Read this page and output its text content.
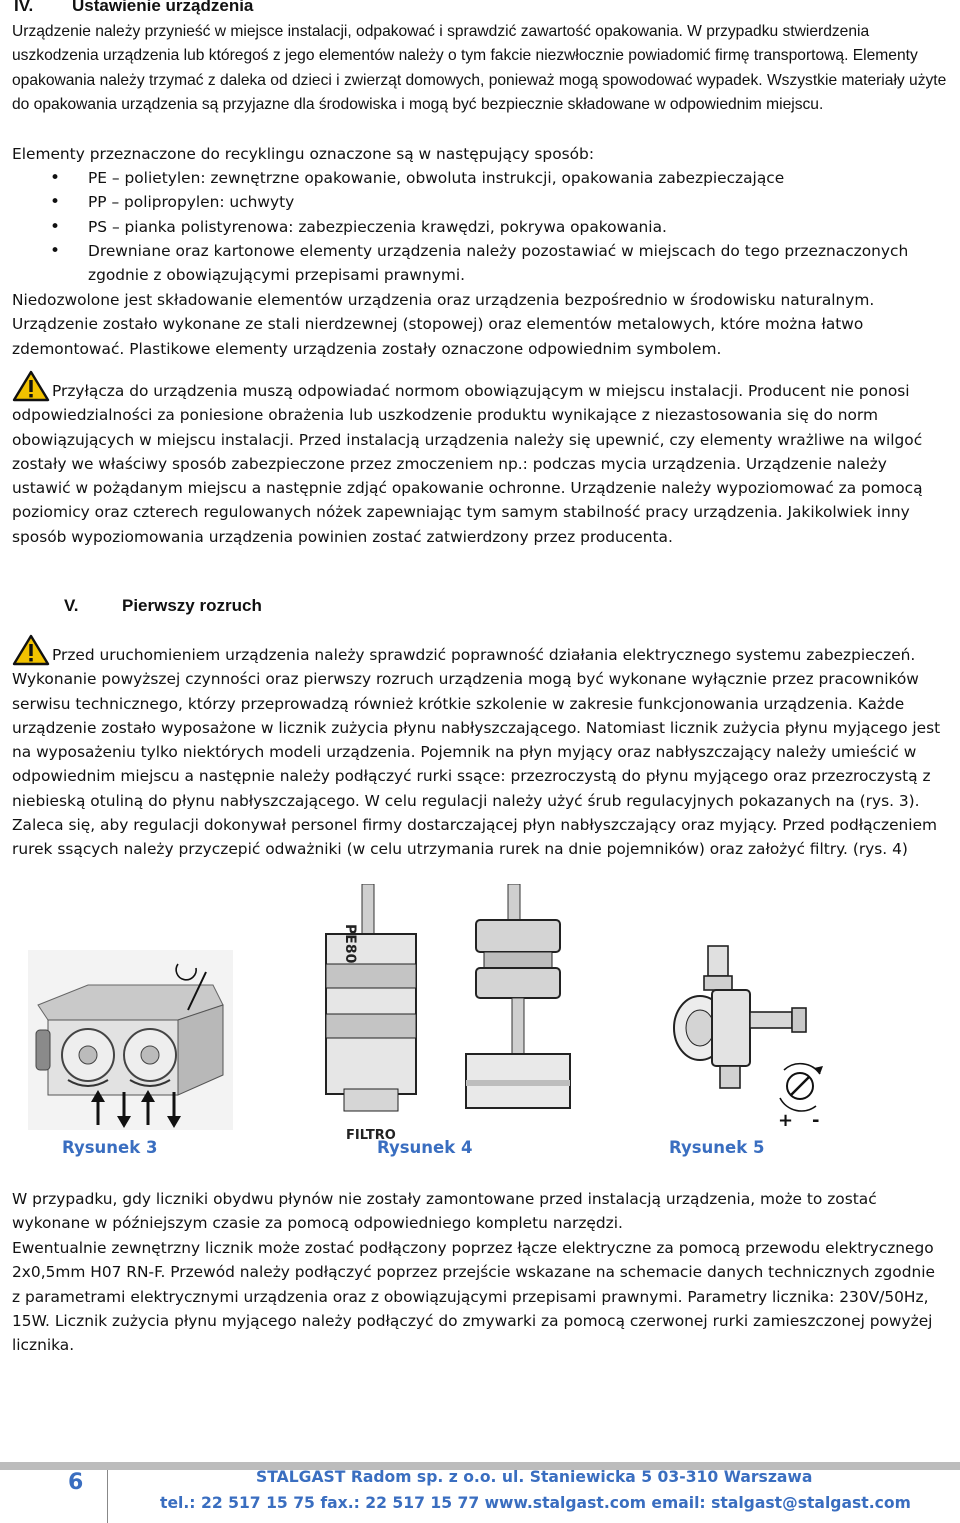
IV. Ustawienie urządzenia

Urządzenie należy przynieść w miejsce instalacji, odpakować i sprawdzić zawartość opakowania. W przypadku stwierdzenia uszkodzenia urządzenia lub któregoś z jego elementów należy o tym fakcie niezwłocznie powiadomić firmę transportową. Elementy opakowania należy trzymać z daleka od dzieci i zwierząt domowych, ponieważ mogą spowodować wypadek. Wszystkie materiały użyte do opakowania urządzenia są przyjazne dla środowiska i mogą być bezpiecznie składowane w odpowiednim miejscu.

Elementy przeznaczone do recyklingu oznaczone są w następujący sposób:

• PE – polietylen: zewnętrzne opakowanie, obwoluta instrukcji, opakowania zabezpieczające
• PP – polipropylen: uchwyty
• PS – pianka polistyrenowa: zabezpieczenia krawędzi, pokrywa opakowania.
• Drewniane oraz kartonowe elementy urządzenia należy pozostawiać w miejscach do tego przeznaczonych zgodnie z obowiązującymi przepisami prawnymi.

Niedozwolone jest składowanie elementów urządzenia oraz urządzenia bezpośrednio w środowisku naturalnym. Urządzenie zostało wykonane ze stali nierdzewnej (stopowej) oraz elementów metalowych, które można łatwo zdemontować. Plastikowe elementy urządzenia zostały oznaczone odpowiednim symbolem.

Przyłącza do urządzenia muszą odpowiadać normom obowiązującym w miejscu instalacji. Producent nie ponosi odpowiedzialności za poniesione obrażenia lub uszkodzenie produktu wynikające z niezastosowania się do norm obowiązujących w miejscu instalacji. Przed instalacją urządzenia należy się upewnić, czy elementy wrażliwe na wilgoć zostały we właściwy sposób zabezpieczone przez zmoczeniem np.: podczas mycia urządzenia. Urządzenie należy ustawić w pożądanym miejscu a następnie zdjąć opakowanie ochronne. Urządzenie należy wypoziomować za pomocą poziomicy oraz czterech regulowanych nóżek zapewniając tym samym stabilność pracy urządzenia. Jakikolwiek inny sposób wypoziomowania urządzenia powinien zostać zatwierdzony przez producenta.

V.	Pierwszy rozruch

Przed uruchomieniem urządzenia należy sprawdzić poprawność działania elektrycznego systemu zabezpieczeń. Wykonanie powyższej czynności oraz pierwszy rozruch urządzenia mogą być wykonane wyłącznie przez pracowników serwisu technicznego, którzy przeprowadzą również krótkie szkolenie w zakresie funkcjonowania urządzenia. Każde urządzenie zostało wyposażone w licznik zużycia płynu nabłyszczającego. Natomiast licznik zużycia płynu myjącego jest na wyposażeniu tylko niektórych modeli urządzenia. Pojemnik na płyn myjący oraz nabłyszczający należy umieścić w odpowiednim miejscu a następnie należy podłączyć rurki ssące: przezroczystą do płynu myjącego oraz przezroczystą z niebieską otuliną do płynu nabłyszczającego. W celu regulacji należy użyć śrub regulacyjnych pokazanych na (rys. 3). Zaleca się, aby regulacji dokonywał personel firmy dostarczającej płyn nabłyszczający oraz myjący. Przed podłączeniem rurek ssących należy przyczepić odważniki (w celu utrzymania rurek na dnie pojemników) oraz założyć filtry. (rys. 4)

PE80
FILTRO
+ -
Rysunek 3	Rysunek 4	Rysunek 5

W przypadku, gdy liczniki obydwu płynów nie zostały zamontowane przed instalacją urządzenia, może to zostać wykonane w późniejszym czasie za pomocą odpowiedniego kompletu narzędzi.

Ewentualnie zewnętrzny licznik może zostać podłączony poprzez łącze elektryczne za pomocą przewodu elektrycznego 2x0,5mm H07 RN-F. Przewód należy podłączyć poprzez przejście wskazane na schemacie danych technicznych zgodnie z parametrami elektrycznymi urządzenia oraz z obowiązującymi przepisami prawnymi. Parametry licznika: 230V/50Hz, 15W. Licznik zużycia płynu myjącego należy podłączyć do zmywarki za pomocą czerwonej rurki zamieszczonej powyżej licznika.

6	STALGAST Radom sp. z o.o. ul. Staniewicka 5 03-310 Warszawa
tel.: 22 517 15 75 fax.: 22 517 15 77 www.stalgast.com email: stalgast@stalgast.com
